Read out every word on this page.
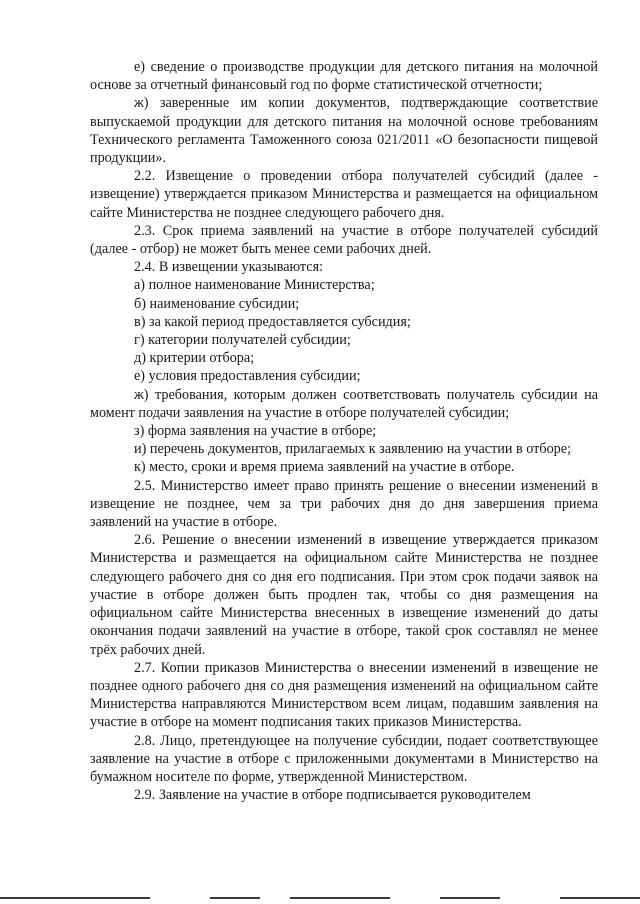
е) сведение о производстве продукции для детского питания на молочной основе за отчетный финансовый год по форме статистической отчетности;

ж) заверенные им копии документов, подтверждающие соответствие выпускаемой продукции для детского питания на молочной основе требованиям Технического регламента Таможенного союза 021/2011 «О безопасности пищевой продукции».

2.2. Извещение о проведении отбора получателей субсидий (далее - извещение) утверждается приказом Министерства и размещается на официальном сайте Министерства не позднее следующего рабочего дня.

2.3. Срок приема заявлений на участие в отборе получателей субсидий (далее - отбор) не может быть менее семи рабочих дней.

2.4. В извещении указываются:

а) полное наименование Министерства;

б) наименование субсидии;

в) за какой период предоставляется субсидия;

г) категории получателей субсидии;

д) критерии отбора;

е) условия предоставления субсидии;

ж) требования, которым должен соответствовать получатель субсидии на момент подачи заявления на участие в отборе получателей субсидии;

з) форма заявления на участие в отборе;

и) перечень документов, прилагаемых к заявлению на участии в отборе;

к) место, сроки и время приема заявлений на участие в отборе.

2.5. Министерство имеет право принять решение о внесении изменений в извещение не позднее, чем за три рабочих дня до дня завершения приема заявлений на участие в отборе.

2.6. Решение о внесении изменений в извещение утверждается приказом Министерства и размещается на официальном сайте Министерства не позднее следующего рабочего дня со дня его подписания. При этом срок подачи заявок на участие в отборе должен быть продлен так, чтобы со дня размещения на официальном сайте Министерства внесенных в извещение изменений до даты окончания подачи заявлений на участие в отборе, такой срок составлял не менее трёх рабочих дней.

2.7. Копии приказов Министерства о внесении изменений в извещение не позднее одного рабочего дня со дня размещения изменений на официальном сайте Министерства направляются Министерством всем лицам, подавшим заявления на участие в отборе на момент подписания таких приказов Министерства.

2.8. Лицо, претендующее на получение субсидии, подает соответствующее заявление на участие в отборе с приложенными документами в Министерство на бумажном носителе по форме, утвержденной Министерством.

2.9. Заявление на участие в отборе подписывается руководителем
